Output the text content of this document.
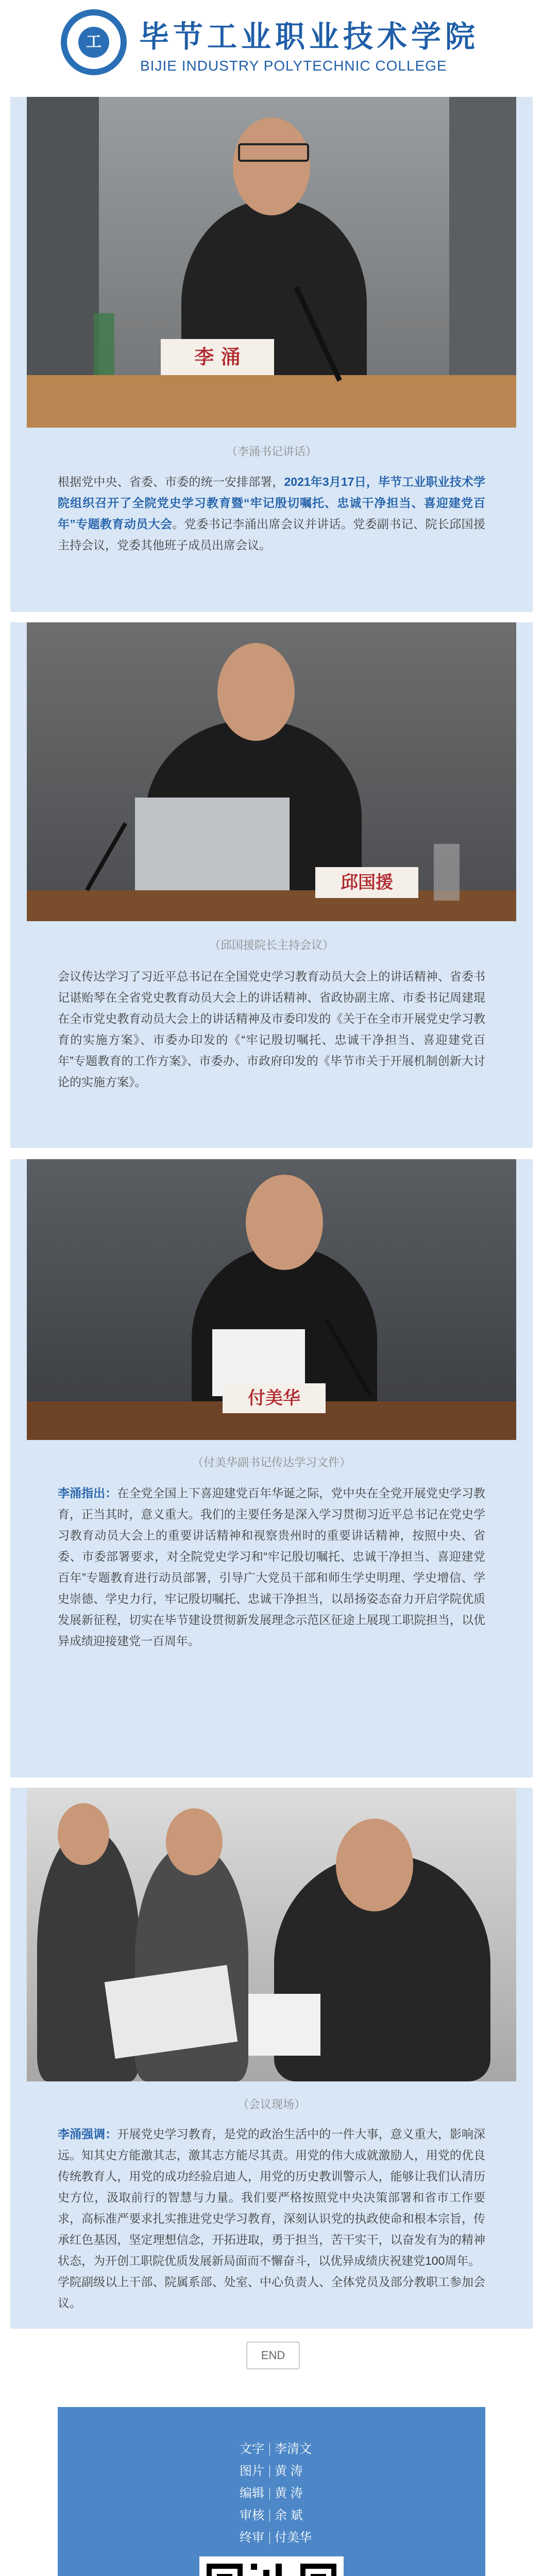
工 毕节工业职业技术学院
BIJIE INDUSTRY POLYTECHNIC COLLEGE
李 涌
（李涌书记讲话）

根据党中央、省委、市委的统一安排部署，2021年3月17日，毕节工业职业技术学院组织召开了全院党史学习教育暨“牢记殷切嘱托、忠诚干净担当、喜迎建党百年”专题教育动员大会。党委书记李涌出席会议并讲话。党委副书记、院长邱国援主持会议，党委其他班子成员出席会议。

邱国援
（邱国援院长主持会议）

会议传达学习了习近平总书记在全国党史学习教育动员大会上的讲话精神、省委书记谌贻琴在全省党史教育动员大会上的讲话精神、省政协副主席、市委书记周建琨在全市党史教育动员大会上的讲话精神及市委印发的《关于在全市开展党史学习教育的实施方案》、市委办印发的《“牢记殷切嘱托、忠诚干净担当、喜迎建党百年”专题教育的工作方案》、市委办、市政府印发的《毕节市关于开展机制创新大讨论的实施方案》。

付美华
（付美华副书记传达学习文件）

李涌指出：在全党全国上下喜迎建党百年华诞之际，党中央在全党开展党史学习教育，正当其时，意义重大。我们的主要任务是深入学习贯彻习近平总书记在党史学习教育动员大会上的重要讲话精神和视察贵州时的重要讲话精神，按照中央、省委、市委部署要求，对全院党史学习和“牢记殷切嘱托、忠诚干净担当、喜迎建党百年”专题教育进行动员部署，引导广大党员干部和师生学史明理、学史增信、学史崇德、学史力行，牢记殷切嘱托、忠诚干净担当，以昂扬姿态奋力开启学院优质发展新征程，切实在毕节建设贯彻新发展理念示范区征途上展现工职院担当，以优异成绩迎接建党一百周年。

（会议现场）

李涌强调：开展党史学习教育，是党的政治生活中的一件大事，意义重大，影响深远。知其史方能激其志，激其志方能尽其责。用党的伟大成就激励人，用党的优良传统教育人，用党的成功经验启迪人，用党的历史教训警示人，能够让我们认清历史方位，汲取前行的智慧与力量。我们要严格按照党中央决策部署和省市工作要求，高标准严要求扎实推进党史学习教育，深刻认识党的执政使命和根本宗旨，传承红色基因，坚定理想信念，开拓进取，勇于担当，苦干实干，以奋发有为的精神状态，为开创工职院优质发展新局面而不懈奋斗，以优异成绩庆祝建党100周年。

学院副级以上干部、院属系部、处室、中心负责人、全体党员及部分教职工参加会议。

END
文字 李清文
图片 黄 涛
编辑 黄 涛
审核 余 斌
终审 付美华
